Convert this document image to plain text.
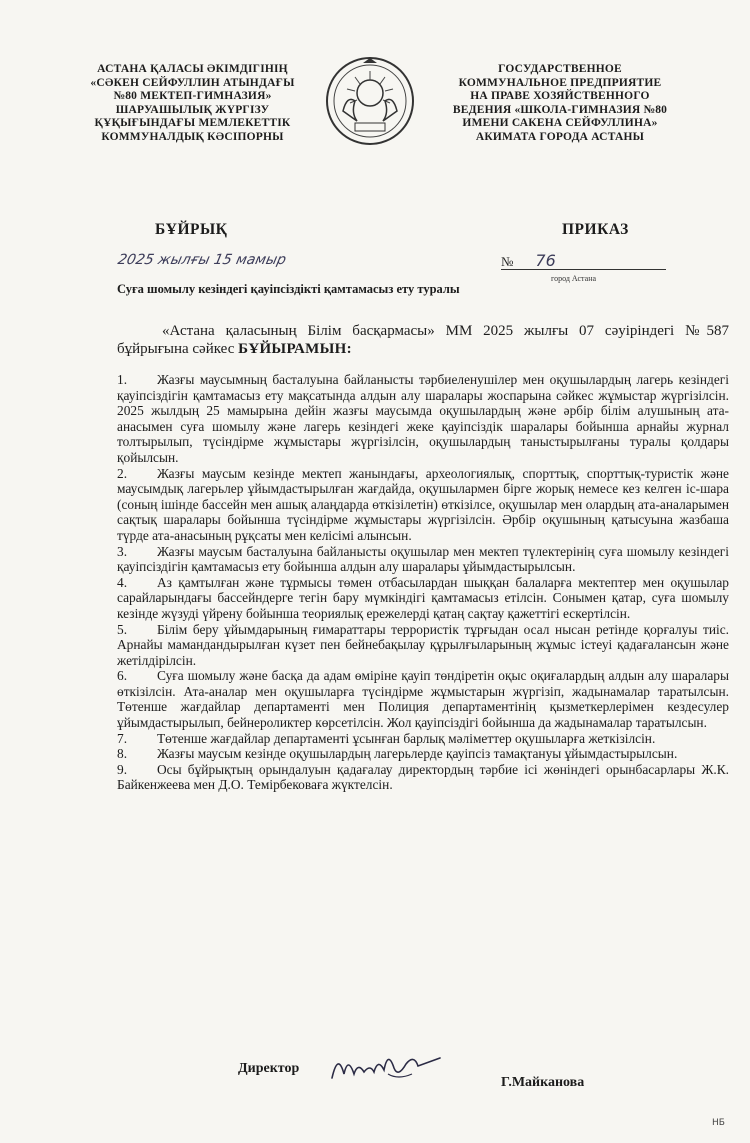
АСТАНА ҚАЛАСЫ ӘКІМДІГІНІҢ
«СӘКЕН СЕЙФУЛЛИН АТЫНДАҒЫ
№80 МЕКТЕП-ГИМНАЗИЯ»
ШАРУАШЫЛЫҚ ЖҮРГІЗУ
ҚҰҚЫҒЫНДАҒЫ МЕМЛЕКЕТТІК
КОММУНАЛДЫҚ КӘСІПОРНЫ
ГОСУДАРСТВЕННОЕ
КОММУНАЛЬНОЕ ПРЕДПРИЯТИЕ
НА ПРАВЕ ХОЗЯЙСТВЕННОГО
ВЕДЕНИЯ «ШКОЛА-ГИМНАЗИЯ №80
ИМЕНИ САКЕНА СЕЙФУЛЛИНА»
АКИМАТА ГОРОДА АСТАНЫ
БҰЙРЫҚ	ПРИКАЗ
2025 жылғы 15 мамыр	№ 76
город Астана
Суға шомылу кезіндегі қауіпсіздікті қамтамасыз ету туралы

«Астана қаласының Білім басқармасы» ММ 2025 жылғы 07 сәуіріндегі №587 бұйрығына сәйкес БҰЙЫРАМЫН:

1. Жазғы маусымның басталуына байланысты тәрбиеленушілер мен оқушылардың лагерь кезіндегі қауіпсіздігін қамтамасыз ету мақсатында алдын алу шаралары жоспарына сәйкес жұмыстар жүргізілсін. 2025 жылдың 25 мамырына дейін жазғы маусымда оқушылардың және әрбір білім алушының ата-анасымен суға шомылу және лагерь кезіндегі жеке қауіпсіздік шаралары бойынша арнайы журнал толтырылып, түсіндірме жұмыстары жүргізілсін, оқушылардың таныстырылғаны туралы қолдары қойылсын.

2. Жазғы маусым кезінде мектеп жанындағы, археологиялық, спорттық, спорттық-туристік және маусымдық лагерьлер ұйымдастырылған жағдайда, оқушылармен бірге жорық немесе кез келген іс-шара (соның ішінде бассейн мен ашық алаңдарда өткізілетін) өткізілсе, оқушылар мен олардың ата-аналарымен сақтық шаралары бойынша түсіндірме жұмыстары жүргізілсін. Әрбір оқушының қатысуына жазбаша түрде ата-анасының рұқсаты мен келісімі алынсын.

3. Жазғы маусым басталуына байланысты оқушылар мен мектеп түлектерінің суға шомылу кезіндегі қауіпсіздігін қамтамасыз ету бойынша алдын алу шаралары ұйымдастырылсын.

4. Аз қамтылған және тұрмысы төмен отбасылардан шыққан балаларға мектептер мен оқушылар сарайларындағы бассейндерге тегін бару мүмкіндігі қамтамасыз етілсін. Сонымен қатар, суға шомылу кезінде жүзуді үйрену бойынша теориялық ережелерді қатаң сақтау қажеттігі ескертілсін.

5. Білім беру ұйымдарының ғимараттары террористік тұрғыдан осал нысан ретінде қорғалуы тиіс. Арнайы мамандандырылған күзет пен бейнебақылау құрылғыларының жұмыс істеуі қадағалансын және жетілдірілсін.

6. Суға шомылу және басқа да адам өміріне қауіп төндіретін оқыс оқиғалардың алдын алу шаралары өткізілсін. Ата-аналар мен оқушыларға түсіндірме жұмыстарын жүргізіп, жадынамалар таратылсын. Төтенше жағдайлар департаменті мен Полиция департаментінің қызметкерлерімен кездесулер ұйымдастырылып, бейнероликтер көрсетілсін. Жол қауіпсіздігі бойынша да жадынамалар таратылсын.

7. Төтенше жағдайлар департаменті ұсынған барлық мәліметтер оқушыларға жеткізілсін.

8. Жазғы маусым кезінде оқушылардың лагерьлерде қауіпсіз тамақтануы ұйымдастырылсын.

9. Осы бұйрықтың орындалуын қадағалау директордың тәрбие ісі жөніндегі орынбасарлары Ж.К. Байкенжеева мен Д.О. Темірбековаға жүктелсін.

Директор
Г.Майканова
НБ
